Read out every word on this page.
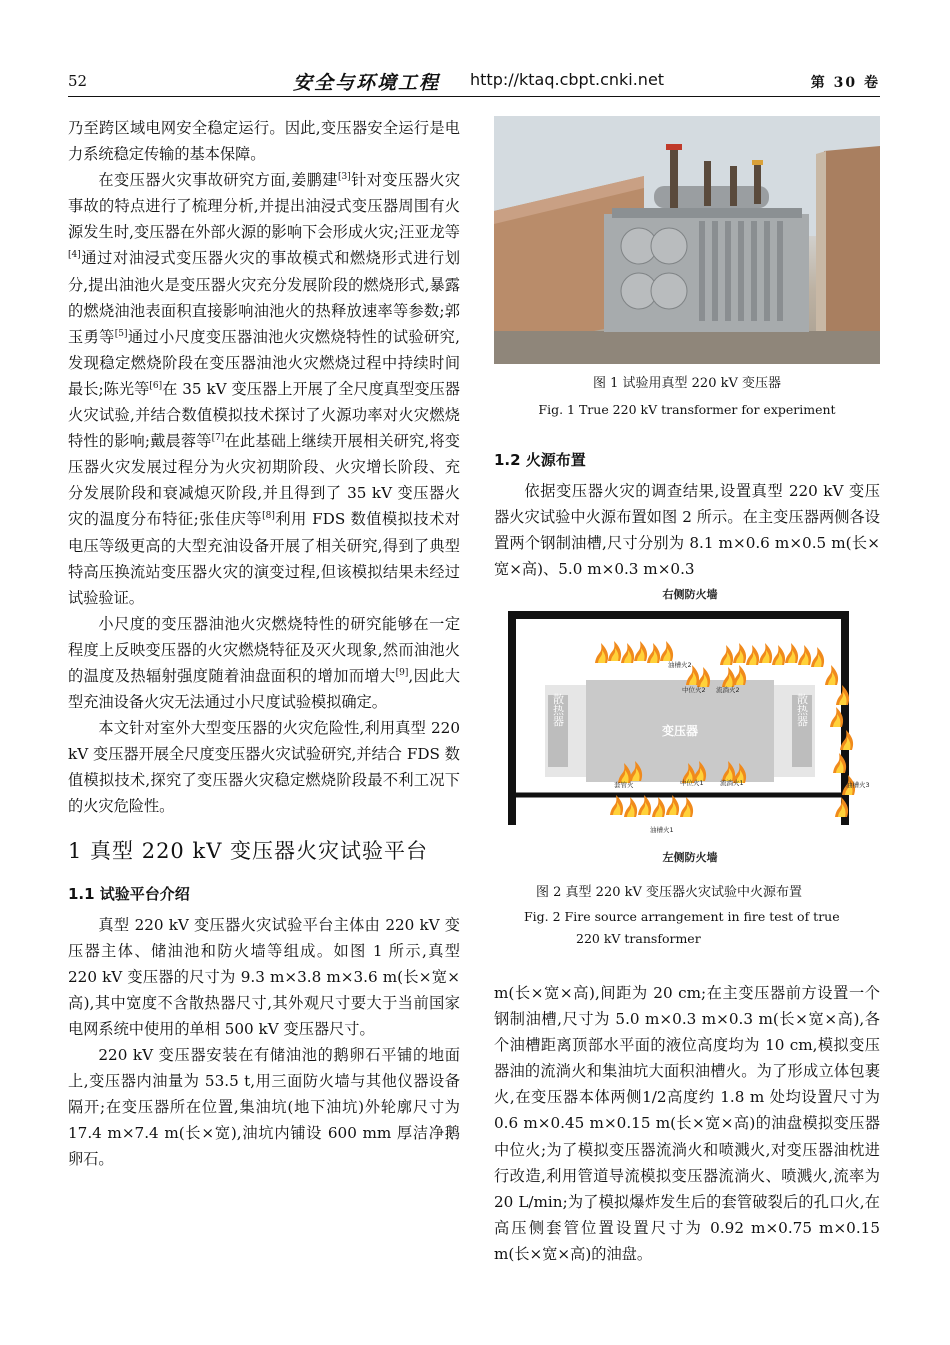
52	安全与环境工程 http://ktaq.cbpt.cnki.net	第 30 卷

乃至跨区域电网安全稳定运行。因此,变压器安全运行是电力系统稳定传输的基本保障。

在变压器火灾事故研究方面,姜鹏建[3]针对变压器火灾事故的特点进行了梳理分析,并提出油浸式变压器周围有火源发生时,变压器在外部火源的影响下会形成火灾;汪亚龙等[4]通过对油浸式变压器火灾的事故模式和燃烧形式进行划分,提出油池火是变压器火灾充分发展阶段的燃烧形式,暴露的燃烧油池表面积直接影响油池火的热释放速率等参数;郭玉勇等[5]通过小尺度变压器油池火灾燃烧特性的试验研究,发现稳定燃烧阶段在变压器油池火灾燃烧过程中持续时间最长;陈光等[6]在 35 kV 变压器上开展了全尺度真型变压器火灾试验,并结合数值模拟技术探讨了火源功率对火灾燃烧特性的影响;戴晨蓉等[7]在此基础上继续开展相关研究,将变压器火灾发展过程分为火灾初期阶段、火灾增长阶段、充分发展阶段和衰减熄灭阶段,并且得到了 35 kV 变压器火灾的温度分布特征;张佳庆等[8]利用 FDS 数值模拟技术对电压等级更高的大型充油设备开展了相关研究,得到了典型特高压换流站变压器火灾的演变过程,但该模拟结果未经过试验验证。

小尺度的变压器油池火灾燃烧特性的研究能够在一定程度上反映变压器的火灾燃烧特征及灭火现象,然而油池火的温度及热辐射强度随着油盘面积的增加而增大[9],因此大型充油设备火灾无法通过小尺度试验模拟确定。

本文针对室外大型变压器的火灾危险性,利用真型 220 kV 变压器开展全尺度变压器火灾试验研究,并结合 FDS 数值模拟技术,探究了变压器火灾稳定燃烧阶段最不利工况下的火灾危险性。

1 真型 220 kV 变压器火灾试验平台
1.1 试验平台介绍

真型 220 kV 变压器火灾试验平台主体由 220 kV 变压器主体、储油池和防火墙等组成。如图 1 所示,真型 220 kV 变压器的尺寸为 9.3 m×3.8 m×3.6 m(长×宽×高),其中宽度不含散热器尺寸,其外观尺寸要大于当前国家电网系统中使用的单相 500 kV 变压器尺寸。

220 kV 变压器安装在有储油池的鹅卵石平铺的地面上,变压器内油量为 53.5 t,用三面防火墙与其他仪器设备隔开;在变压器所在位置,集油坑(地下油坑)外轮廓尺寸为 17.4 m×7.4 m(长×宽),油坑内铺设 600 mm 厚洁净鹅卵石。

图 1 试验用真型 220 kV 变压器
Fig. 1 True 220 kV transformer for experiment
1.2 火源布置

依据变压器火灾的调查结果,设置真型 220 kV 变压器火灾试验中火源布置如图 2 所示。在主变压器两侧各设置两个钢制油槽,尺寸分别为 8.1 m×0.6 m×0.5 m(长×宽×高)、5.0 m×0.3 m×0.3

右侧防火墙
左侧防火墙
变压器
散热器	散热器
油槽火2
中位火2 流淌火2
套管火	中位火1	流淌火1
油槽火1
油槽火3
图 2 真型 220 kV 变压器火灾试验中火源布置
Fig. 2 Fire source arrangement in fire test of true
220 kV transformer

m(长×宽×高),间距为 20 cm;在主变压器前方设置一个钢制油槽,尺寸为 5.0 m×0.3 m×0.3 m(长×宽×高),各个油槽距离顶部水平面的液位高度均为 10 cm,模拟变压器油的流淌火和集油坑大面积油槽火。为了形成立体包裹火,在变压器本体两侧1/2高度约 1.8 m 处均设置尺寸为 0.6 m×0.45 m×0.15 m(长×宽×高)的油盘模拟变压器中位火;为了模拟变压器流淌火和喷溅火,对变压器油枕进行改造,利用管道导流模拟变压器流淌火、喷溅火,流率为 20 L/min;为了模拟爆炸发生后的套管破裂后的孔口火,在高压侧套管位置设置尺寸为 0.92 m×0.75 m×0.15 m(长×宽×高)的油盘。
